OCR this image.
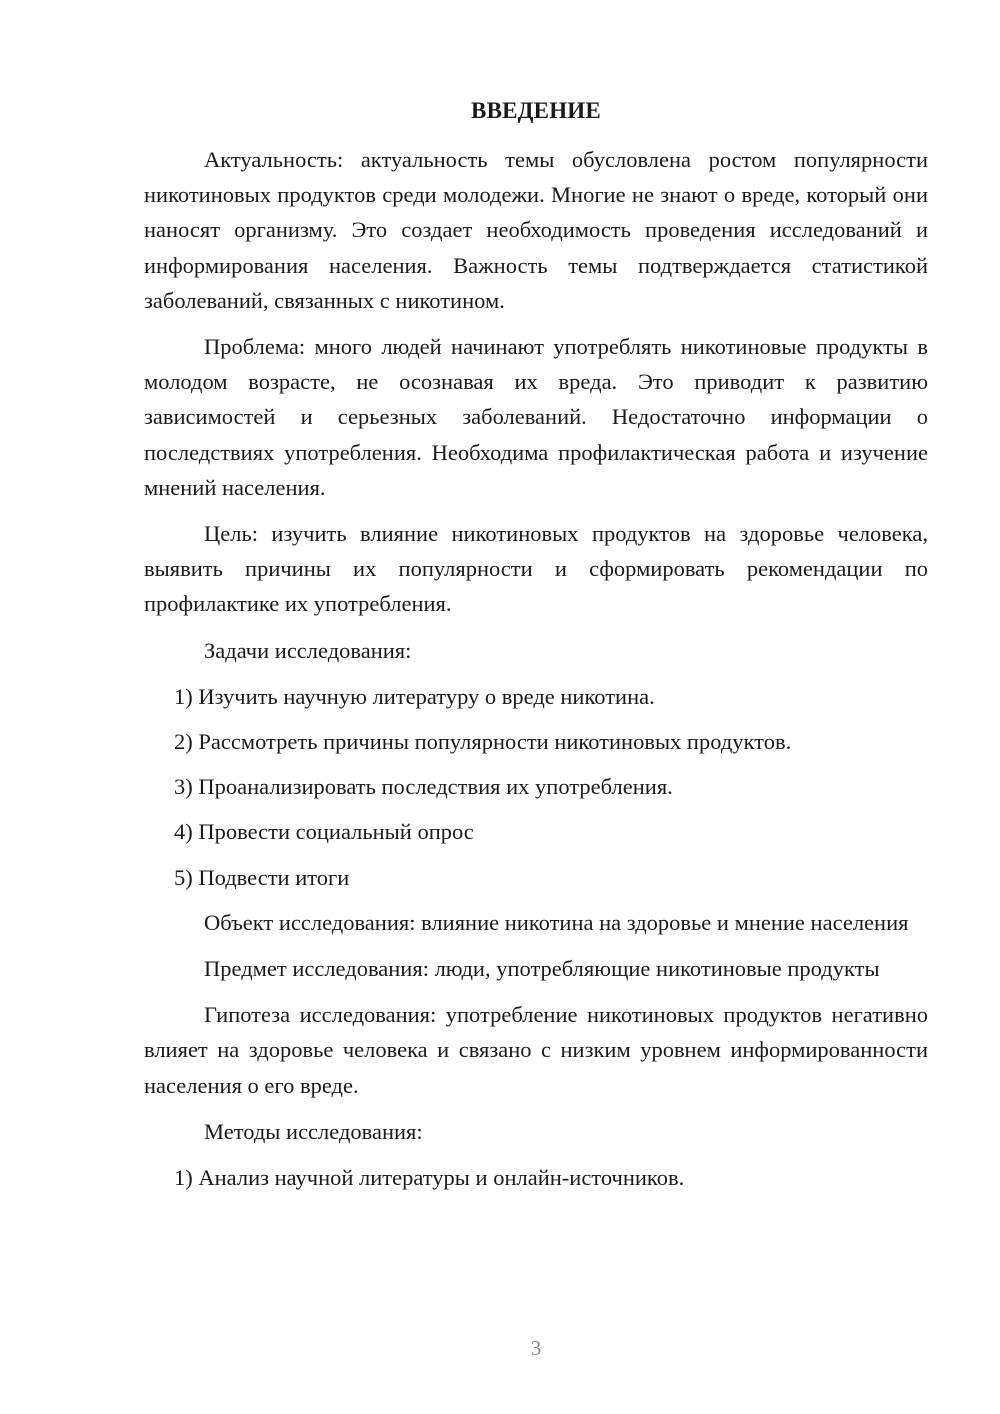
ВВЕДЕНИЕ

Актуальность: актуальность темы обусловлена ростом популярности никотиновых продуктов среди молодежи. Многие не знают о вреде, который они наносят организму. Это создает необходимость проведения исследований и информирования населения. Важность темы подтверждается статистикой заболеваний, связанных с никотином.

Проблема: много людей начинают употреблять никотиновые продукты в молодом возрасте, не осознавая их вреда. Это приводит к развитию зависимостей и серьезных заболеваний. Недостаточно информации о последствиях употребления. Необходима профилактическая работа и изучение мнений населения.

Цель: изучить влияние никотиновых продуктов на здоровье человека, выявить причины их популярности и сформировать рекомендации по профилактике их употребления.

Задачи исследования:

1) Изучить научную литературу о вреде никотина.

2) Рассмотреть причины популярности никотиновых продуктов.

3) Проанализировать последствия их употребления.

4) Провести социальный опрос

5) Подвести итоги

Объект исследования: влияние никотина на здоровье и мнение населения

Предмет исследования: люди, употребляющие никотиновые продукты

Гипотеза исследования: употребление никотиновых продуктов негативно влияет на здоровье человека и связано с низким уровнем информированности населения о его вреде.

Методы исследования:

1) Анализ научной литературы и онлайн-источников.

3
